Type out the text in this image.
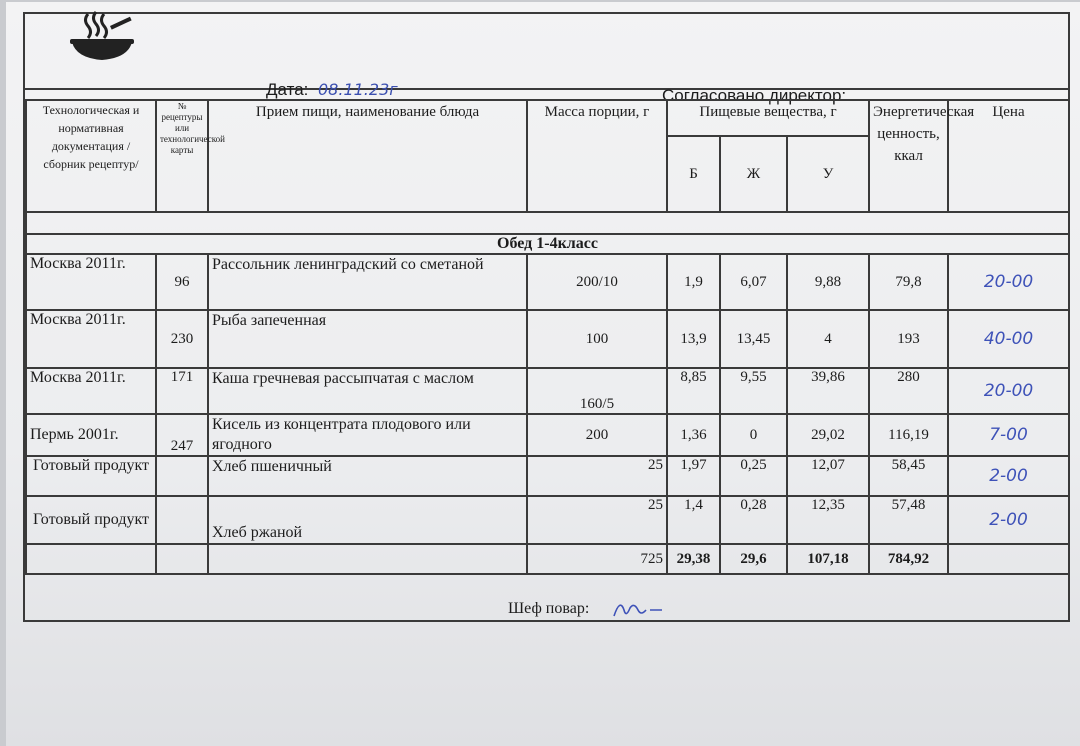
Дата: 08.11.23г	Согласовано директор:
Технологическая и нормативная документация / сборник рецептур/	№ рецептуры или технологической карты	Прием пищи, наименование блюда	Масса порции, г	Пищевые вещества, г			Энергетическая ценность, ккал	Цена
				Б	Ж	У		

Обед 1-4класс								
Москва 2011г.	96	Рассольник ленинградский со сметаной	200/10	1,9	6,07	9,88	79,8	20-00
Москва 2011г.	230	Рыба запеченная	100	13,9	13,45	4	193	40-00
Москва 2011г.	171	Каша гречневая рассыпчатая с маслом	160/5	8,85	9,55	39,86	280	20-00
Пермь 2001г.	247	Кисель из концентрата плодового или ягодного	200	1,36	0	29,02	116,19	7-00
Готовый продукт		Хлеб пшеничный	25	1,97	0,25	12,07	58,45	2-00
Готовый продукт		Хлеб ржаной	25	1,4	0,28	12,35	57,48	2-00
			725	29,38	29,6	107,18	784,92	
Шеф повар:
